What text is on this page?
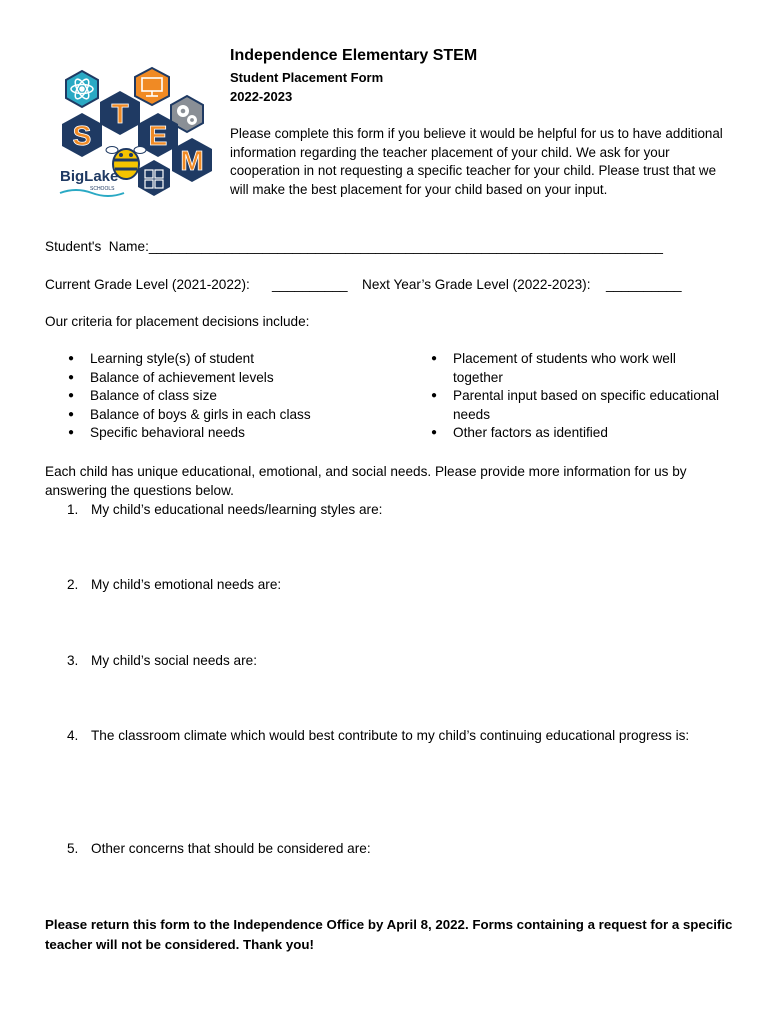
S
T
E
M
BigLake
SCHOOLS
Independence Elementary STEM
Student Placement Form
2022-2023
Please complete this form if you believe it would be helpful for us to have additional information regarding the teacher placement of your child. We ask for your cooperation in not requesting a specific teacher for your child. Please trust that we will make the best placement for your child based on your input.
Student's  Name:____________________________________________________________________
Current Grade Level (2021-2022): __________ Next Year’s Grade Level (2022-2023): __________
Our criteria for placement decisions include:
● Learning style(s) of student
● Balance of achievement levels
● Balance of class size
● Balance of boys & girls in each class
● Specific behavioral needs
● Placement of students who work well together
● Parental input based on specific educational needs
● Other factors as identified
Each child has unique educational, emotional, and social needs. Please provide more information for us by answering the questions below.
1. My child’s educational needs/learning styles are:
2. My child’s emotional needs are:
3. My child’s social needs are:
4. The classroom climate which would best contribute to my child’s continuing educational progress is:
5. Other concerns that should be considered are:
Please return this form to the Independence Office by April 8, 2022. Forms containing a request for a specific teacher will not be considered. Thank you!
